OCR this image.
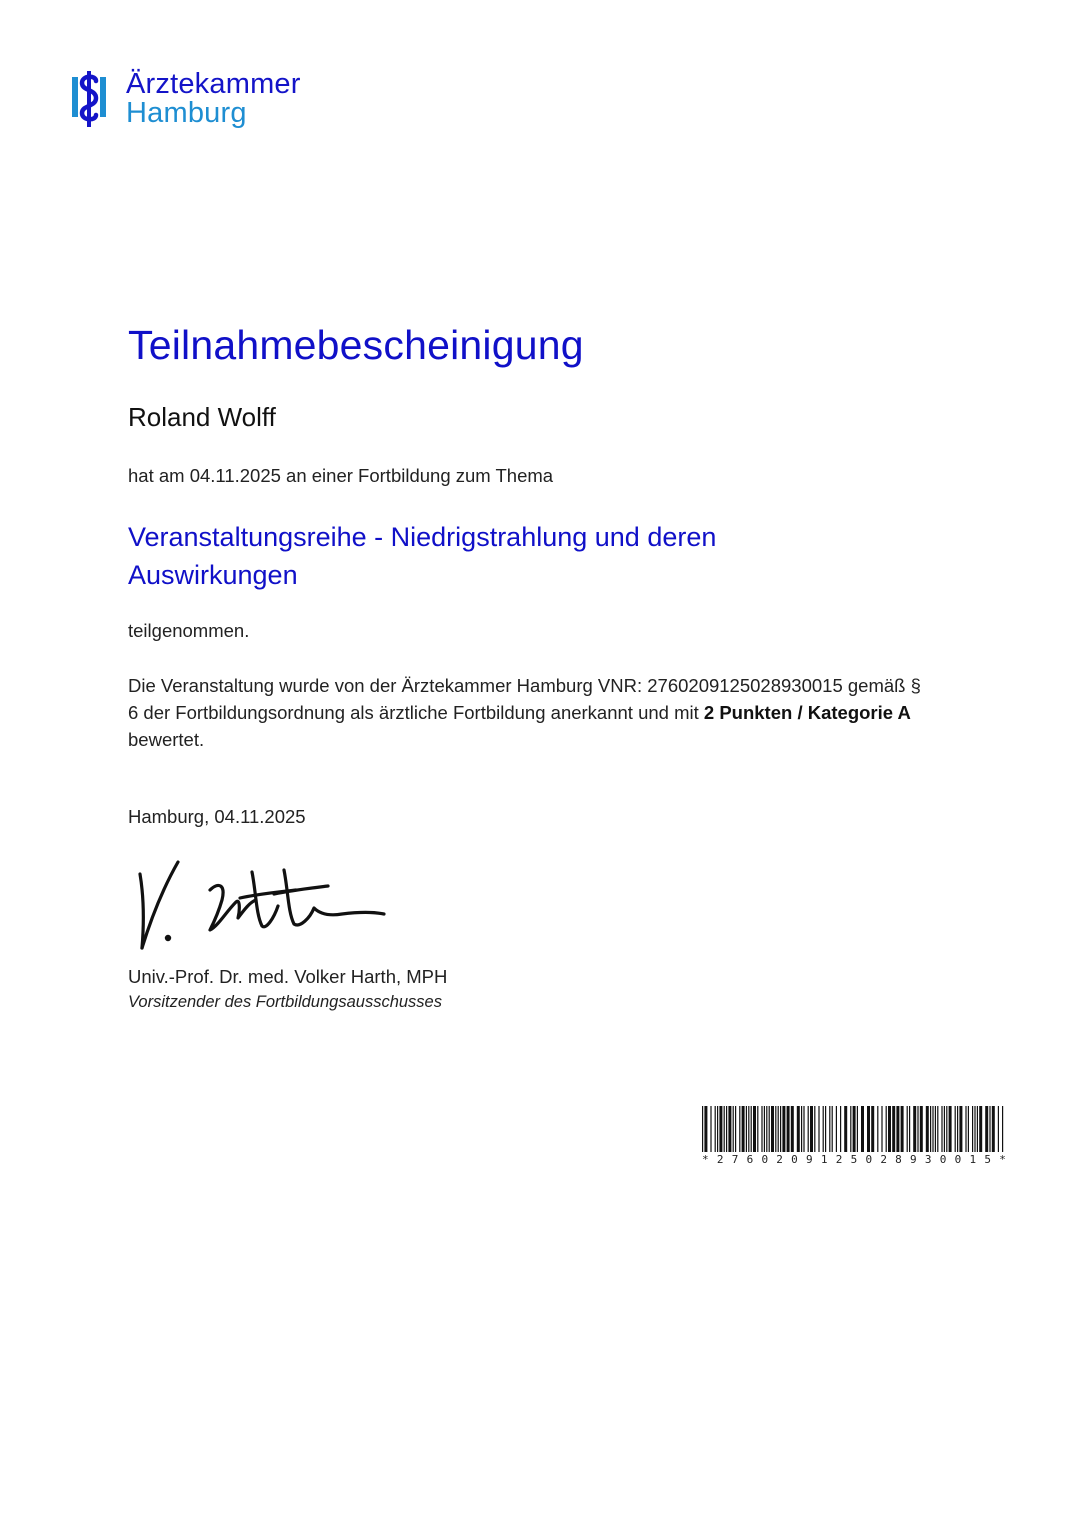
Ärztekammer
Hamburg
Teilnahmebescheinigung
Roland Wolff
hat am 04.11.2025 an einer Fortbildung zum Thema
Veranstaltungsreihe - Niedrigstrahlung und deren Auswirkungen
teilgenommen.
Die Veranstaltung wurde von der Ärztekammer Hamburg VNR: 2760209125028930015 gemäß § 6 der Fortbildungsordnung als ärztliche Fortbildung anerkannt und mit 2 Punkten / Kategorie A bewertet.
Hamburg, 04.11.2025
Univ.-Prof. Dr. med. Volker Harth, MPH
Vorsitzender des Fortbildungsausschusses
* 2 7 6 0 2 0 9 1 2 5 0 2 8 9 3 0 0 1 5 *
